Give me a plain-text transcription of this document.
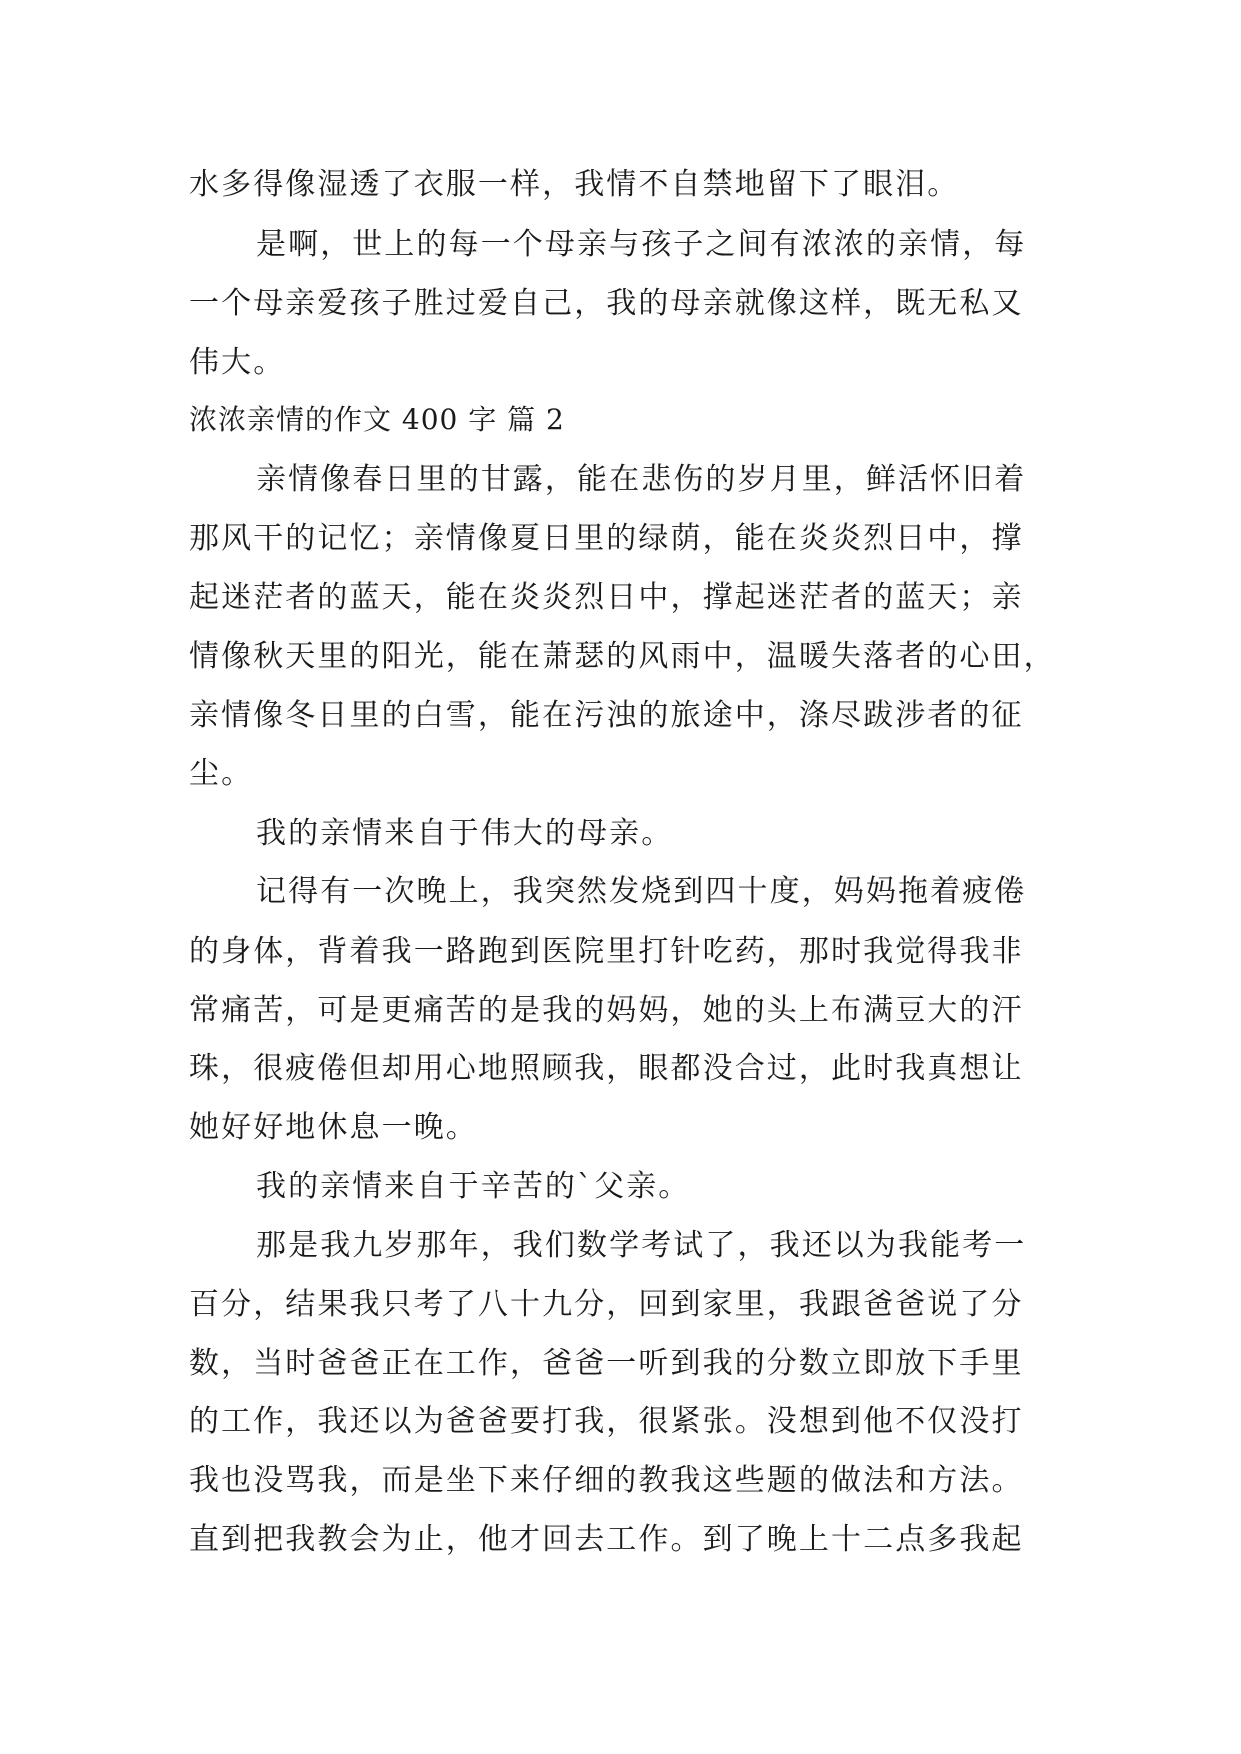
水多得像湿透了衣服一样，我情不自禁地留下了眼泪。
是啊，世上的每一个母亲与孩子之间有浓浓的亲情，每
一个母亲爱孩子胜过爱自己，我的母亲就像这样，既无私又
伟大。
浓浓亲情的作文 400 字 篇 2
亲情像春日里的甘露，能在悲伤的岁月里，鲜活怀旧着
那风干的记忆；亲情像夏日里的绿荫，能在炎炎烈日中，撑
起迷茫者的蓝天，能在炎炎烈日中，撑起迷茫者的蓝天；亲
情像秋天里的阳光，能在萧瑟的风雨中，温暖失落者的心田，
亲情像冬日里的白雪，能在污浊的旅途中，涤尽跋涉者的征
尘。
我的亲情来自于伟大的母亲。
记得有一次晚上，我突然发烧到四十度，妈妈拖着疲倦
的身体，背着我一路跑到医院里打针吃药，那时我觉得我非
常痛苦，可是更痛苦的是我的妈妈，她的头上布满豆大的汗
珠，很疲倦但却用心地照顾我，眼都没合过，此时我真想让
她好好地休息一晚。
我的亲情来自于辛苦的`父亲。
那是我九岁那年，我们数学考试了，我还以为我能考一
百分，结果我只考了八十九分，回到家里，我跟爸爸说了分
数，当时爸爸正在工作，爸爸一听到我的分数立即放下手里
的工作，我还以为爸爸要打我，很紧张。没想到他不仅没打
我也没骂我，而是坐下来仔细的教我这些题的做法和方法。
直到把我教会为止，他才回去工作。到了晚上十二点多我起
